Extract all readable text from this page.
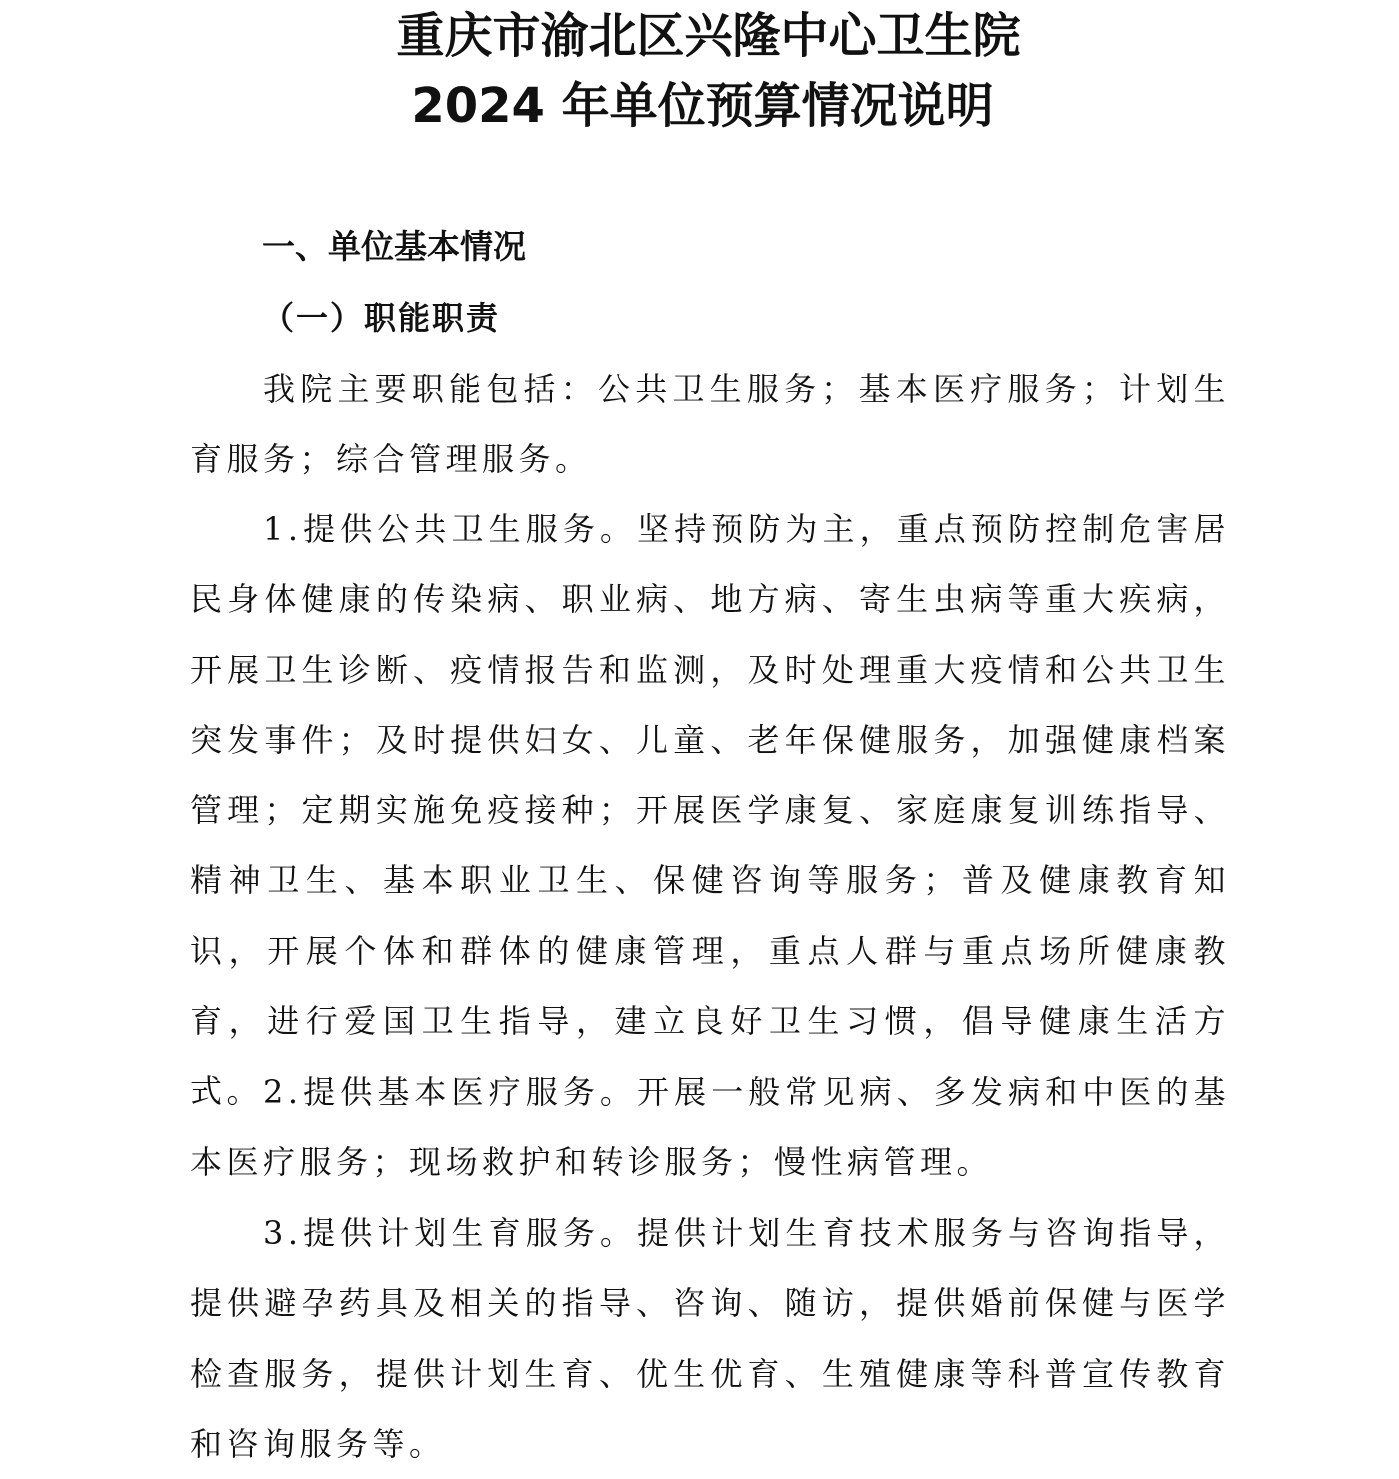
重庆市渝北区兴隆中心卫生院
2024 年单位预算情况说明
一、单位基本情况
（一）职能职责

我院主要职能包括：公共卫生服务；基本医疗服务；计划生育服务；综合管理服务。

1.提供公共卫生服务。坚持预防为主，重点预防控制危害居民身体健康的传染病、职业病、地方病、寄生虫病等重大疾病，开展卫生诊断、疫情报告和监测，及时处理重大疫情和公共卫生突发事件；及时提供妇女、儿童、老年保健服务，加强健康档案管理；定期实施免疫接种；开展医学康复、家庭康复训练指导、精神卫生、基本职业卫生、保健咨询等服务；普及健康教育知识，开展个体和群体的健康管理，重点人群与重点场所健康教育，进行爱国卫生指导，建立良好卫生习惯，倡导健康生活方式。 2.提供基本医疗服务。开展一般常见病、多发病和中医的基本医疗服务；现场救护和转诊服务；慢性病管理。

3.提供计划生育服务。提供计划生育技术服务与咨询指导，提供避孕药具及相关的指导、咨询、随访，提供婚前保健与医学检查服务，提供计划生育、优生优育、生殖健康等科普宣传教育和咨询服务等。
